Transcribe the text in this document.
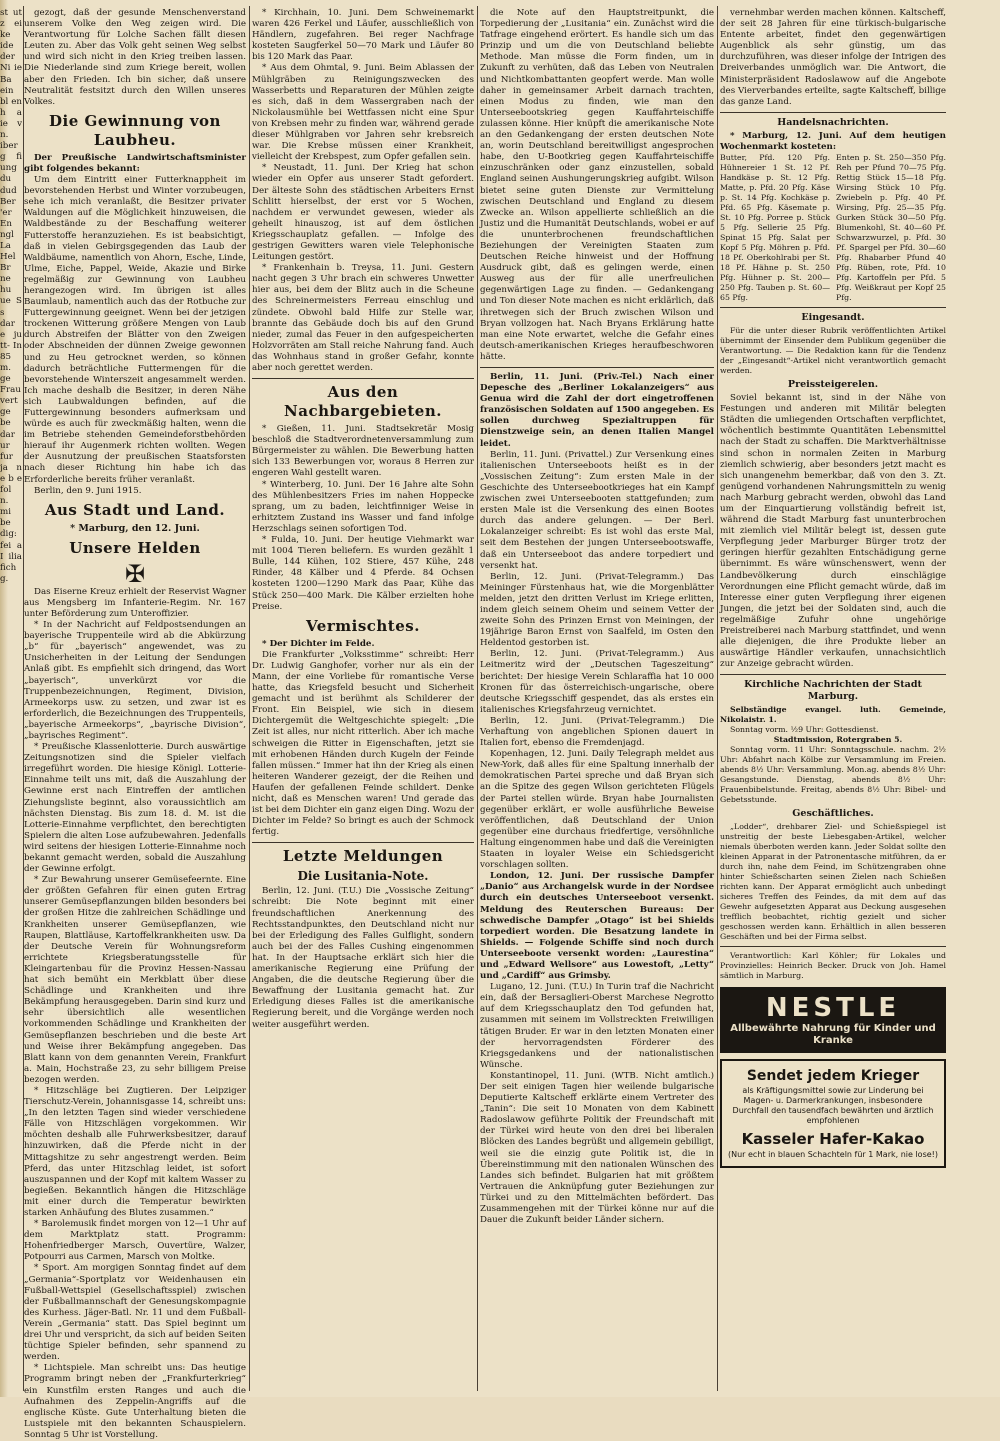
st ut z ei ke ide der Ni ie Ba ein bl en h a ie v n. iber g fi ung du dud Ber 'er En ngl La Hel Br ne hu ue S s dar e ju tt- In 85 m. ge Frau vert ge be dar ur fur ja n e b e fol n. mi be dig: fei a I ilia fich g.

gezogt, daß der gesunde Menschenverstand unserem Volke den Weg zeigen wird. Die Verantwortung für Lolche Sachen fällt diesen Leuten zu. Aber das Volk geht seinen Weg selbst und wird sich nicht in den Krieg treiben lassen. Die Niederlande sind zum Kriege bereit, wollen aber den Frieden. Ich bin sicher, daß unsere Neutralität festsitzt durch den Willen unseres Volkes.

Die Gewinnung von Laubheu.

Der Preußische Landwirtschaftsminister gibt folgendes bekannt:

Um dem Eintritt einer Futterknappheit im bevorstehenden Herbst und Winter vorzubeugen, sehe ich mich veranlaßt, die Besitzer privater Waldungen auf die Möglichkeit hinzuweisen, die Waldbestände zu der Beschaffung weiterer Futterstoffe heranzuziehen. Es ist beabsichtigt, daß in vielen Gebirgsgegenden das Laub der Waldbäume, namentlich von Ahorn, Esche, Linde, Ulme, Eiche, Pappel, Weide, Akazie und Birke regelmäßig zur Gewinnung von Laubheu herangezogen wird. Im übrigen ist alles Baumlaub, namentlich auch das der Rotbuche zur Futtergewinnung geeignet. Wenn bei der jetzigen trockenen Witterung größere Mengen von Laub durch Abstreifen der Blätter von den Zweigen oder Abschneiden der dünnen Zweige gewonnen und zu Heu getrocknet werden, so können dadurch beträchtliche Futtermengen für die bevorstehende Winterszeit angesammelt werden. Ich mache deshalb die Besitzer, in deren Nähe sich Laubwaldungen befinden, auf die Futtergewinnung besonders aufmerksam und würde es auch für zweckmäßig halten, wenn die im Betriebe stehenden Gemeindeforstbehörden hierauf ihr Augenmerk richten wollten. Wegen der Ausnutzung der preußischen Staatsforsten nach dieser Richtung hin habe ich das Erforderliche bereits früher veranlaßt.

Berlin, den 9. Juni 1915.

Aus Stadt und Land.
* Marburg, den 12. Juni.
Unsere Helden
✠

Das Eiserne Kreuz erhielt der Reservist Wagner aus Mengsberg im Infanterie-Regim. Nr. 167 unter Beförderung zum Unteroffizier.

* In der Nachricht auf Feldpostsendungen an bayerische Truppenteile wird ab die Abkürzung „b“ für „bayerisch“ angewendet, was zu Unsicherheiten in der Leitung der Sendungen Anlaß gibt. Es empfiehlt sich dringend, das Wort „bayerisch“, unverkürzt vor die Truppenbezeichnungen, Regiment, Division, Armeekorps usw. zu setzen, und zwar ist es erforderlich, die Bezeichnungen des Truppenteils, „bayerische Armeekorps“, „bayrische Division“, „bayrisches Regiment“.

* Preußische Klassenlotterie. Durch auswärtige Zeitungsnotizen sind die Spieler vielfach irregeführt worden. Die hiesige Königl. Lotterie-Einnahme teilt uns mit, daß die Auszahlung der Gewinne erst nach Eintreffen der amtlichen Ziehungsliste beginnt, also voraussichtlich am nächsten Dienstag. Bis zum 18. d. M. ist die Lotterie-Einnahme verpflichtet, den berechtigten Spielern die alten Lose aufzubewahren. Jedenfalls wird seitens der hiesigen Lotterie-Einnahme noch bekannt gemacht werden, sobald die Auszahlung der Gewinne erfolgt.

* Zur Bewahrung unserer Gemüsefeernte. Eine der größten Gefahren für einen guten Ertrag unserer Gemüsepflanzungen bilden besonders bei der großen Hitze die zahlreichen Schädlinge und Krankheiten unserer Gemüsepflanzen, wie Raupen, Blattläuse, Kartoffelkrankheiten usw. Da der Deutsche Verein für Wohnungsreform errichtete Kriegsberatungsstelle für Kleingartenbau für die Provinz Hessen-Nassau hat sich bemüht ein Merkblatt über diese Schädlinge und Krankheiten und ihre Bekämpfung herausgegeben. Darin sind kurz und sehr übersichtlich alle wesentlichen vorkommenden Schädlinge und Krankheiten der Gemüsepflanzen beschrieben und die beste Art und Weise ihrer Bekämpfung angegeben. Das Blatt kann von dem genannten Verein, Frankfurt a. Main, Hochstraße 23, zu sehr billigem Preise bezogen werden.

* Hitzschläge bei Zugtieren. Der Leipziger Tierschutz-Verein, Johannisgasse 14, schreibt uns: „In den letzten Tagen sind wieder verschiedene Fälle von Hitzschlägen vorgekommen. Wir möchten deshalb alle Fuhrwerksbesitzer, darauf hinzuwirken, daß die Pferde nicht in der Mittagshitze zu sehr angestrengt werden. Beim Pferd, das unter Hitzschlag leidet, ist sofort auszuspannen und der Kopf mit kaltem Wasser zu begießen. Bekanntlich hängen die Hitzschläge mit einer durch die Temperatur bewirkten starken Anhäufung des Blutes zusammen.“

* Barolemusik findet morgen von 12—1 Uhr auf dem Marktplatz statt. Programm: Hohenfriedberger Marsch, Ouvertüre, Walzer, Potpourri aus Carmen, Marsch von Moltke.

* Sport. Am morgigen Sonntag findet auf dem „Germania“-Sportplatz vor Weidenhausen ein Fußball-Wettspiel (Gesellschaftsspiel) zwischen der Fußballmannschaft der Genesungskompagnie des Kurhess. Jäger-Batl. Nr. 11 und dem Fußball-Verein „Germania“ statt. Das Spiel beginnt um drei Uhr und verspricht, da sich auf beiden Seiten tüchtige Spieler befinden, sehr spannend zu werden.

* Lichtspiele. Man schreibt uns: Das heutige Programm bringt neben der „Frankfurterkrieg“ ein Kunstfilm ersten Ranges und auch die Aufnahmen des Zeppelin-Angriffs auf die englische Küste. Gute Unterhaltung bieten die Lustspiele mit den bekannten Schauspielern. Sonntag 5 Uhr ist Vorstellung.

* Kirchhain, 10. Juni. Dem Schweinemarkt waren 426 Ferkel und Läufer, ausschließlich von Händlern, zugefahren. Bei reger Nachfrage kosteten Saugferkel 50—70 Mark und Läufer 80 bis 120 Mark das Paar.

* Aus dem Ohmtal, 9. Juni. Beim Ablassen der Mühlgräben zu Reinigungszwecken des Wasserbetts und Reparaturen der Mühlen zeigte es sich, daß in dem Wassergraben nach der Nickolausmühle bei Wettfassen nicht eine Spur von Krebsen mehr zu finden war, während gerade dieser Mühlgraben vor Jahren sehr krebsreich war. Die Krebse müssen einer Krankheit, vielleicht der Krebspest, zum Opfer gefallen sein.

* Neustadt, 11. Juni. Der Krieg hat schon wieder ein Opfer aus unserer Stadt gefordert. Der älteste Sohn des städtischen Arbeiters Ernst Schlitt hierselbst, der erst vor 5 Wochen, nachdem er verwundet gewesen, wieder als geheilt hinauszog, ist auf dem östlichen Kriegsschauplatz gefallen. — Infolge des gestrigen Gewitters waren viele Telephonische Leitungen gestört.

* Frankenhain b. Treysa, 11. Juni. Gestern nacht gegen 3 Uhr brach ein schweres Unwetter hier aus, bei dem der Blitz auch in die Scheune des Schreinermeisters Ferreau einschlug und zündete. Obwohl bald Hilfe zur Stelle war, brannte das Gebäude doch bis auf den Grund nieder, zumal das Feuer in den aufgespeicherten Holzvorräten am Stall reiche Nahrung fand. Auch das Wohnhaus stand in großer Gefahr, konnte aber noch gerettet werden.

Aus den Nachbargebieten.

* Gießen, 11. Juni. Stadtsekretär Mosig beschloß die Stadtverordnetenversammlung zum Bürgermeister zu wählen. Die Bewerbung hatten sich 133 Bewerbungen vor, woraus 8 Herren zur engeren Wahl gestellt waren.

* Winterberg, 10. Juni. Der 16 Jahre alte Sohn des Mühlenbesitzers Fries im nahen Hoppecke sprang, um zu baden, leichtfinniger Weise in erhitztem Zustand ins Wasser und fand infolge Herzschlags seinen sofortigen Tod.

* Fulda, 10. Juni. Der heutige Viehmarkt war mit 1004 Tieren beliefern. Es wurden gezählt 1 Bulle, 144 Kühen, 102 Stiere, 457 Kühe, 248 Rinder, 48 Kälber und 4 Pferde. 84 Ochsen kosteten 1200—1290 Mark das Paar, Kühe das Stück 250—400 Mark. Die Kälber erzielten hohe Preise.

Vermischtes.

* Der Dichter im Felde.

Die Frankfurter „Volksstimme“ schreibt: Herr Dr. Ludwig Ganghofer, vorher nur als ein der Mann, der eine Vorliebe für romantische Verse hatte, das Kriegsfeld besucht und Sicherheit gemacht und ist berühmt als Schilderer der Front. Ein Beispiel, wie sich in diesem Dichtergemüt die Weltgeschichte spiegelt: „Die Zeit ist alles, nur nicht ritterlich. Aber ich mache schweigen die Ritter in Eigenschaften, jetzt sie mit erhobenen Händen durch Kugeln der Feinde fallen müssen.“ Immer hat ihn der Krieg als einen heiteren Wanderer gezeigt, der die Reihen und Haufen der gefallenen Feinde schildert. Denke nicht, daß es Menschen waren! Und gerade das ist bei dem Dichter ein ganz eigen Ding. Wozu der Dichter im Felde? So bringt es auch der Schmock fertig.

Letzte Meldungen
Die Lusitania-Note.

Berlin, 12. Juni. (T.U.) Die „Vossische Zeitung“ schreibt: Die Note beginnt mit einer freundschaftlichen Anerkennung des Rechtsstandpunktes, den Deutschland nicht nur bei der Erledigung des Falles Gulflight, sondern auch bei der des Falles Cushing eingenommen hat. In der Hauptsache erklärt sich hier die amerikanische Regierung eine Prüfung der Angaben, die die deutsche Regierung über die Bewaffnung der Lusitania gemacht hat. Zur Erledigung dieses Falles ist die amerikanische Regierung bereit, und die Vorgänge werden noch weiter ausgeführt werden.

die Note auf den Hauptstreitpunkt, die Torpedierung der „Lusitania“ ein. Zunächst wird die Tatfrage eingehend erörtert. Es handle sich um das Prinzip und um die von Deutschland beliebte Methode. Man müsse die Form finden, um in Zukunft zu verhüten, daß das Leben von Neutralen und Nichtkombattanten geopfert werde. Man wolle daher in gemeinsamer Arbeit darnach trachten, einen Modus zu finden, wie man den Unterseebootskrieg gegen Kauffahrteischiffe zulassen könne. Hier knüpft die amerikanische Note an den Gedankengang der ersten deutschen Note an, worin Deutschland bereitwilligst angesprochen habe, den U-Bootkrieg gegen Kauffahrteischiffe einzuschränken oder ganz einzustellen, sobald England seinen Aushungerungskrieg aufgibt. Wilson bietet seine guten Dienste zur Vermittelung zwischen Deutschland und England zu diesem Zwecke an. Wilson appellierte schließlich an die Justiz und die Humanität Deutschlands, wobei er auf die ununterbrochenen freundschaftlichen Beziehungen der Vereinigten Staaten zum Deutschen Reiche hinweist und der Hoffnung Ausdruck gibt, daß es gelingen werde, einen Ausweg aus der für alle unerfreulichen gegenwärtigen Lage zu finden. — Gedankengang und Ton dieser Note machen es nicht erklärlich, daß ihretwegen sich der Bruch zwischen Wilson und Bryan vollzogen hat. Nach Bryans Erklärung hatte man eine Note erwartet, welche die Gefahr eines deutsch-amerikanischen Krieges heraufbeschworen hätte.

Berlin, 11. Juni. (Priv.-Tel.) Nach einer Depesche des „Berliner Lokalanzeigers“ aus Genua wird die Zahl der dort eingetroffenen französischen Soldaten auf 1500 angegeben. Es sollen durchweg Spezialtruppen für Dienstzweige sein, an denen Italien Mangel leidet.

Berlin, 11. Juni. (Privattel.) Zur Versenkung eines italienischen Unterseeboots heißt es in der „Vossischen Zeitung“: Zum ersten Male in der Geschichte des Unterseebootkrieges hat ein Kampf zwischen zwei Unterseebooten stattgefunden; zum ersten Male ist die Versenkung des einen Bootes durch das andere gelungen. — Der Berl. Lokalanzeiger schreibt: Es ist wohl das erste Mal, seit dem Bestehen der jungen Unterseebootswaffe, daß ein Unterseeboot das andere torpediert und versenkt hat.

Berlin, 12. Juni. (Privat-Telegramm.) Das Meininger Fürstenhaus hat, wie die Morgenblätter melden, jetzt den dritten Verlust im Kriege erlitten, indem gleich seinem Oheim und seinem Vetter der zweite Sohn des Prinzen Ernst von Meiningen, der 19jährige Baron Ernst von Saalfeld, im Osten den Heldentod gestorben ist.

Berlin, 12. Juni. (Privat-Telegramm.) Aus Leitmeritz wird der „Deutschen Tageszeitung“ berichtet: Der hiesige Verein Schlaraffia hat 10 000 Kronen für das österreichisch-ungarische, obere deutsche Kriegsschiff gespendet, das als erstes ein italienisches Kriegsfahrzeug vernichtet.

Berlin, 12. Juni. (Privat-Telegramm.) Die Verhaftung von angeblichen Spionen dauert in Italien fort, ebenso die Fremdenjagd.

Kopenhagen, 12. Juni. Daily Telegraph meldet aus New-York, daß alles für eine Spaltung innerhalb der demokratischen Partei spreche und daß Bryan sich an die Spitze des gegen Wilson gerichteten Flügels der Partei stellen würde. Bryan habe Journalisten gegenüber erklärt, er wolle ausführliche Beweise veröffentlichen, daß Deutschland der Union gegenüber eine durchaus friedfertige, versöhnliche Haltung eingenommen habe und daß die Vereinigten Staaten in loyaler Weise ein Schiedsgericht vorschlagen sollten.

London, 12. Juni. Der russische Dampfer „Danio“ aus Archangelsk wurde in der Nordsee durch ein deutsches Unterseeboot versenkt. Meldung des Reuterschen Bureaus: Der schwedische Dampfer „Otago“ ist bei Shields torpediert worden. Die Besatzung landete in Shields. — Folgende Schiffe sind noch durch Unterseeboote versenkt worden: „Laurestina“ und „Edward Wellsore“ aus Lowestoft, „Letty“ und „Cardiff“ aus Grimsby.

Lugano, 12. Juni. (T.U.) In Turin traf die Nachricht ein, daß der Bersaglieri-Oberst Marchese Negrotto auf dem Kriegsschauplatz den Tod gefunden hat, zusammen mit seinem im Vollstreckten Freiwilligen tätigen Bruder. Er war in den letzten Monaten einer der hervorragendsten Förderer des Kriegsgedankens und der nationalistischen Wünsche.

Konstantinopel, 11. Juni. (WTB. Nicht amtlich.) Der seit einigen Tagen hier weilende bulgarische Deputierte Kaltscheff erklärte einem Vertreter des „Tanin“: Die seit 10 Monaten von dem Kabinett Radoslawow geführte Politik der Freundschaft mit der Türkei wird heute von den drei bei liberalen Blöcken des Landes begrüßt und allgemein gebilligt, weil sie die einzig gute Politik ist, die in Übereinstimmung mit den nationalen Wünschen des Landes sich befindet. Bulgarien hat mit größtem Vertrauen die Anknüpfung guter Beziehungen zur Türkei und zu den Mittelmächten befördert. Das Zusammengehen mit der Türkei könne nur auf die Dauer die Zukunft beider Länder sichern.

vernehmbar werden machen können. Kaltscheff, der seit 28 Jahren für eine türkisch-bulgarische Entente arbeitet, findet den gegenwärtigen Augenblick als sehr günstig, um das durchzuführen, was dieser infolge der Intrigen des Dreiverbandes unmöglich war. Die Antwort, die Ministerpräsident Radoslawow auf die Angebote des Vierverbandes erteilte, sagte Kaltscheff, billige das ganze Land.

Handelsnachrichten.

* Marburg, 12. Juni. Auf dem heutigen Wochenmarkt kosteten:

Butter, Pfd. 120 Pfg. Hühnereier 1 St. 12 Pf. Handkäse p. St. 12 Pfg. Matte, p. Pfd. 20 Pfg. Käse p. St. 14 Pfg. Kochkäse p. Pfd. 65 Pfg. Käsemate p. St. 10 Pfg. Porree p. Stück 5 Pfg. Sellerie 25 Pfg. Spinat 15 Pfg. Salat per Kopf 5 Pfg. Möhren p. Pfd. 18 Pf. Oberkohlrabi per St. 18 Pf. Hähne p. St. 250 Pfg. Hühner p. St. 200—250 Pfg. Tauben p. St. 60—65 Pfg.
Enten p. St. 250—350 Pfg. Reh per Pfund 70—75 Pfg. Rettig Stück 15—18 Pfg. Wirsing Stück 10 Pfg. Zwiebeln p. Pfg. 40 Pf. Wirsing, Pfg. 25—35 Pfg. Gurken Stück 30—50 Pfg. Blumenkohl, St. 40—60 Pf. Schwarzwurzel, p. Pfd. 30 Pf. Spargel per Pfd. 30—60 Pfg. Rhabarber Pfund 40 Pfg. Rüben, rote, Pfd. 10 Pfg. Kartoffeln per Pfd. 5 Pfg. Weißkraut per Kopf 25 Pfg.
Eingesandt.

Für die unter dieser Rubrik veröffentlichten Artikel übernimmt der Einsender dem Publikum gegenüber die Verantwortung. — Die Redaktion kann für die Tendenz der „Eingesandt“-Artikel nicht verantwortlich gemacht werden.

Preissteigerelen.

Soviel bekannt ist, sind in der Nähe von Festungen und anderen mit Militär belegten Städten die umliegenden Ortschaften verpflichtet, wöchentlich bestimmte Quantitäten Lebensmittel nach der Stadt zu schaffen. Die Marktverhältnisse sind schon in normalen Zeiten in Marburg ziemlich schwierig, aber besonders jetzt macht es sich unangenehm bemerkbar, daß von den 3. Zt. genügend vorhandenen Nahrungsmitteln zu wenig nach Marburg gebracht werden, obwohl das Land um der Einquartierung vollständig befreit ist, während die Stadt Marburg fast ununterbrochen mit ziemlich viel Militär belegt ist, dessen gute Verpflegung jeder Marburger Bürger trotz der geringen hierfür gezahlten Entschädigung gerne übernimmt. Es wäre wünschenswert, wenn der Landbevölkerung durch einschlägige Verordnungen eine Pflicht gemacht würde, daß im Interesse einer guten Verpflegung ihrer eigenen Jungen, die jetzt bei der Soldaten sind, auch die regelmäßige Zufuhr ohne ungehörige Preistreiberei nach Marburg stattfindet, und wenn alle diejenigen, die ihre Produkte lieber an auswärtige Händler verkaufen, unnachsichtlich zur Anzeige gebracht würden.

Kirchliche Nachrichten der Stadt Marburg.

Selbständige evangel. luth. Gemeinde, Nikolaistr. 1.

Sonntag vorm. ½9 Uhr: Gottesdienst.

Stadtmission, Rotergraben 5.

Sonntag vorm. 11 Uhr: Sonntagsschule. nachm. 2½ Uhr: Abfahrt nach Kölbe zur Versammlung im Freien. abends 8½ Uhr: Versammlung. Mon.ag. abends 8½ Uhr: Gesangstunde. Dienstag, abends 8½ Uhr: Frauenbibelstunde. Freitag, abends 8½ Uhr: Bibel- und Gebetsstunde.

Geschäftliches.

„Lodder“, drehbarer Ziel- und Schießspiegel ist unstreitig der beste Liebesgaben-Artikel, welcher niemals überboten werden kann. Jeder Soldat sollte den kleinen Apparat in der Patronentasche mitführen, da er durch ihn, nahe dem Feind, im Schützengraben ohne hinter Schießscharten seinen Zielen nach Schießen richten kann. Der Apparat ermöglicht auch unbedingt sicheres Treffen des Feindes, da mit dem auf das Gewehr aufgesetzten Apparat aus Deckung ausgesehen trefflich beobachtet, richtig gezielt und sicher geschossen werden kann. Erhältlich in allen besseren Geschäften und bei der Firma selbst.

Verantwortlich: Karl Köhler; für Lokales und Provinzielles: Heinrich Becker. Druck von Joh. Hamel sämtlich in Marburg.

NESTLE
Allbewährte Nahrung für Kinder und Kranke
Sendet jedem Krieger
als Kräftigungsmittel sowie zur Linderung bei Magen- u. Darmerkrankungen, insbesondere Durchfall den tausendfach bewährten und ärztlich empfohlenen
Kasseler Hafer-Kakao
(Nur echt in blauen Schachteln für 1 Mark, nie lose!)
